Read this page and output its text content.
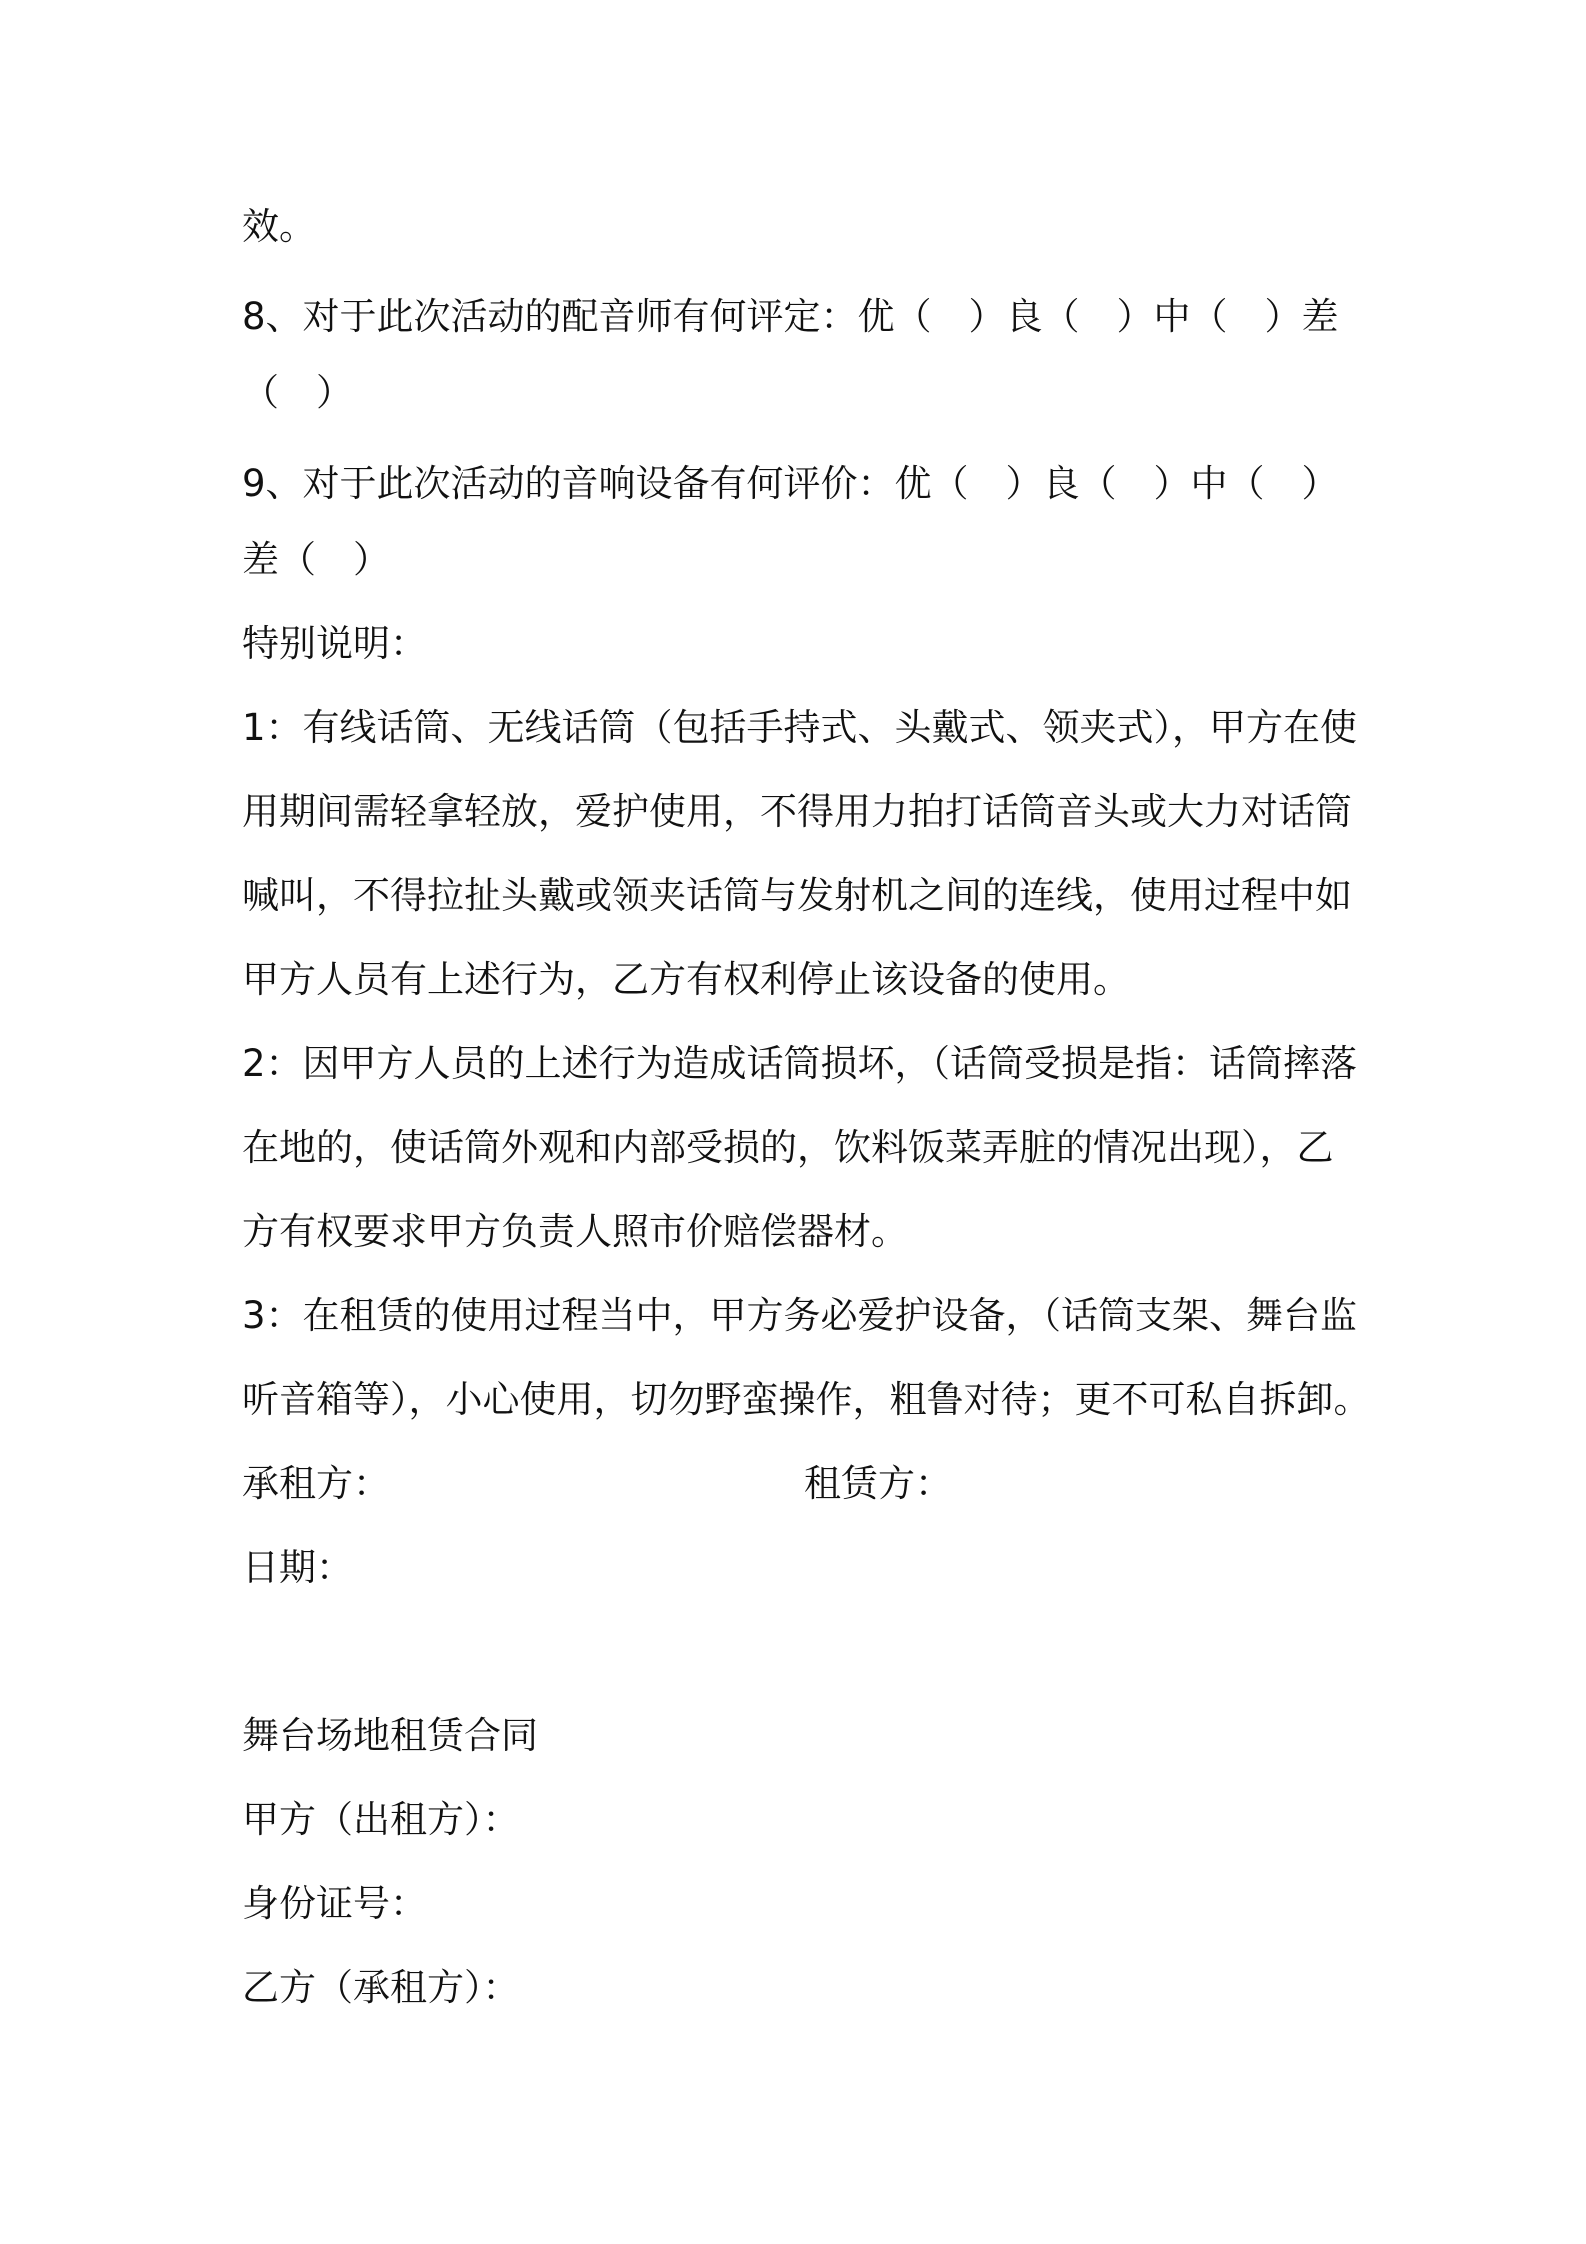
效。
8、对于此次活动的配音师有何评定：优（　）良（　）中（　）差
（　）
9、对于此次活动的音响设备有何评价：优（　）良（　）中（　）
差（　）
特别说明：
1：有线话筒、无线话筒（包括手持式、头戴式、领夹式），甲方在使
用期间需轻拿轻放，爱护使用，不得用力拍打话筒音头或大力对话筒
喊叫，不得拉扯头戴或领夹话筒与发射机之间的连线，使用过程中如
甲方人员有上述行为，乙方有权利停止该设备的使用。
2：因甲方人员的上述行为造成话筒损坏，（话筒受损是指：话筒摔落
在地的，使话筒外观和内部受损的，饮料饭菜弄脏的情况出现），乙
方有权要求甲方负责人照市价赔偿器材。
3：在租赁的使用过程当中，甲方务必爱护设备，（话筒支架、舞台监
听音箱等），小心使用，切勿野蛮操作，粗鲁对待；更不可私自拆卸。
承租方：	租赁方：
日期：
舞台场地租赁合同
甲方（出租方）：
身份证号：
乙方（承租方）：
